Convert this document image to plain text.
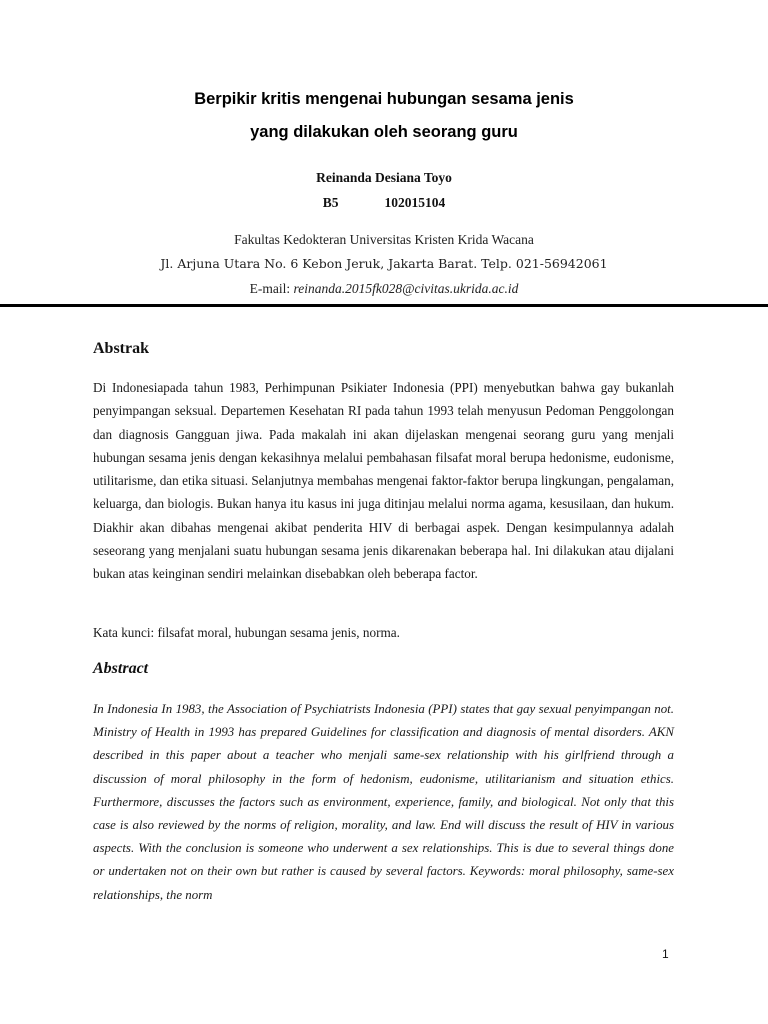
Berpikir kritis mengenai hubungan sesama jenis
yang dilakukan oleh seorang guru
Reinanda Desiana Toyo
B5	102015104
Fakultas Kedokteran Universitas Kristen Krida Wacana
Jl. Arjuna Utara No. 6 Kebon Jeruk, Jakarta Barat. Telp. 021-56942061
E-mail: reinanda.2015fk028@civitas.ukrida.ac.id
Abstrak
Di Indonesiapada tahun 1983, Perhimpunan Psikiater Indonesia (PPI) menyebutkan bahwa gay bukanlah penyimpangan seksual. Departemen Kesehatan RI pada tahun 1993 telah menyusun Pedoman Penggolongan dan diagnosis Gangguan jiwa. Pada makalah ini akan dijelaskan mengenai seorang guru yang menjali hubungan sesama jenis dengan kekasihnya melalui pembahasan filsafat moral berupa hedonisme, eudonisme, utilitarisme, dan etika situasi. Selanjutnya membahas mengenai faktor-faktor berupa lingkungan, pengalaman, keluarga, dan biologis. Bukan hanya itu kasus ini juga ditinjau melalui norma agama, kesusilaan, dan hukum. Diakhir akan dibahas mengenai akibat penderita HIV di berbagai aspek. Dengan kesimpulannya adalah seseorang yang menjalani suatu hubungan sesama jenis dikarenakan beberapa hal. Ini dilakukan atau dijalani bukan atas keinginan sendiri melainkan disebabkan oleh beberapa factor.
Kata kunci: filsafat moral, hubungan sesama jenis, norma.
Abstract
In Indonesia In 1983, the Association of Psychiatrists Indonesia (PPI) states that gay sexual penyimpangan not. Ministry of Health in 1993 has prepared Guidelines for classification and diagnosis of mental disorders. AKN described in this paper about a teacher who menjali same-sex relationship with his girlfriend through a discussion of moral philosophy in the form of hedonism, eudonisme, utilitarianism and situation ethics. Furthermore, discusses the factors such as environment, experience, family, and biological. Not only that this case is also reviewed by the norms of religion, morality, and law. End will discuss the result of HIV in various aspects. With the conclusion is someone who underwent a sex relationships. This is due to several things done or undertaken not on their own but rather is caused by several factors. Keywords: moral philosophy, same-sex relationships, the norm
1
